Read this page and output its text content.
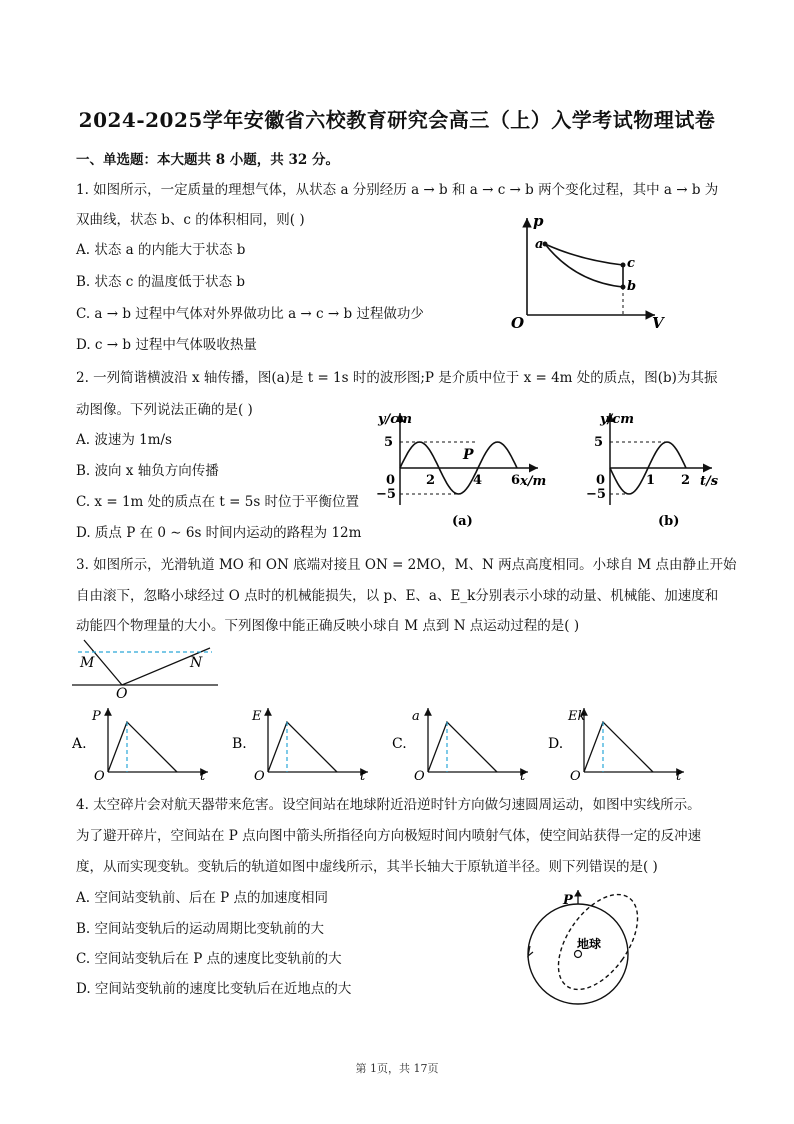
2024-2025学年安徽省六校教育研究会高三（上）入学考试物理试卷
一、单选题：本大题共 8 小题，共 32 分。
1. 如图所示，一定质量的理想气体，从状态 a 分别经历 a → b 和 a → c → b 两个变化过程，其中 a → b 为
双曲线，状态 b、c 的体积相同，则( )
A. 状态 a 的内能大于状态 b
B. 状态 c 的温度低于状态 b
C. a → b 过程中气体对外界做功比 a → c → b 过程做功少
D. c → b 过程中气体吸收热量
p
V
O
a
c
b
2. 一列简谐横波沿 x 轴传播，图(a)是 t = 1s 时的波形图;P 是介质中位于 x = 4m 处的质点，图(b)为其振
动图像。下列说法正确的是( )
A. 波速为 1m/s
B. 波向 x 轴负方向传播
C. x = 1m 处的质点在 t = 5s 时位于平衡位置
D. 质点 P 在 0 ∼ 6s 时间内运动的路程为 12m
y/cm
x/m
5
−5
0 2	4 6
P
(a)
y/cm
t/s
5
−5
0	1 2
(b)
3. 如图所示，光滑轨道 MO 和 ON 底端对接且 ON = 2MO，M、N 两点高度相同。小球自 M 点由静止开始
自由滚下，忽略小球经过 O 点时的机械能损失，以 p、E、a、E_k分别表示小球的动量、机械能、加速度和
动能四个物理量的大小。下列图像中能正确反映小球自 M 点到 N 点运动过程的是( )
M	N
O
A.
P
O	t
B.
E
O	t
C.
a
O	t
D.
Ek
O	t
4. 太空碎片会对航天器带来危害。设空间站在地球附近沿逆时针方向做匀速圆周运动，如图中实线所示。
为了避开碎片，空间站在 P 点向图中箭头所指径向方向极短时间内喷射气体，使空间站获得一定的反冲速
度，从而实现变轨。变轨后的轨道如图中虚线所示，其半长轴大于原轨道半径。则下列错误的是( )
A. 空间站变轨前、后在 P 点的加速度相同
B. 空间站变轨后的运动周期比变轨前的大
C. 空间站变轨后在 P 点的速度比变轨前的大
D. 空间站变轨前的速度比变轨后在近地点的大
P
地球
第 1页，共 17页
